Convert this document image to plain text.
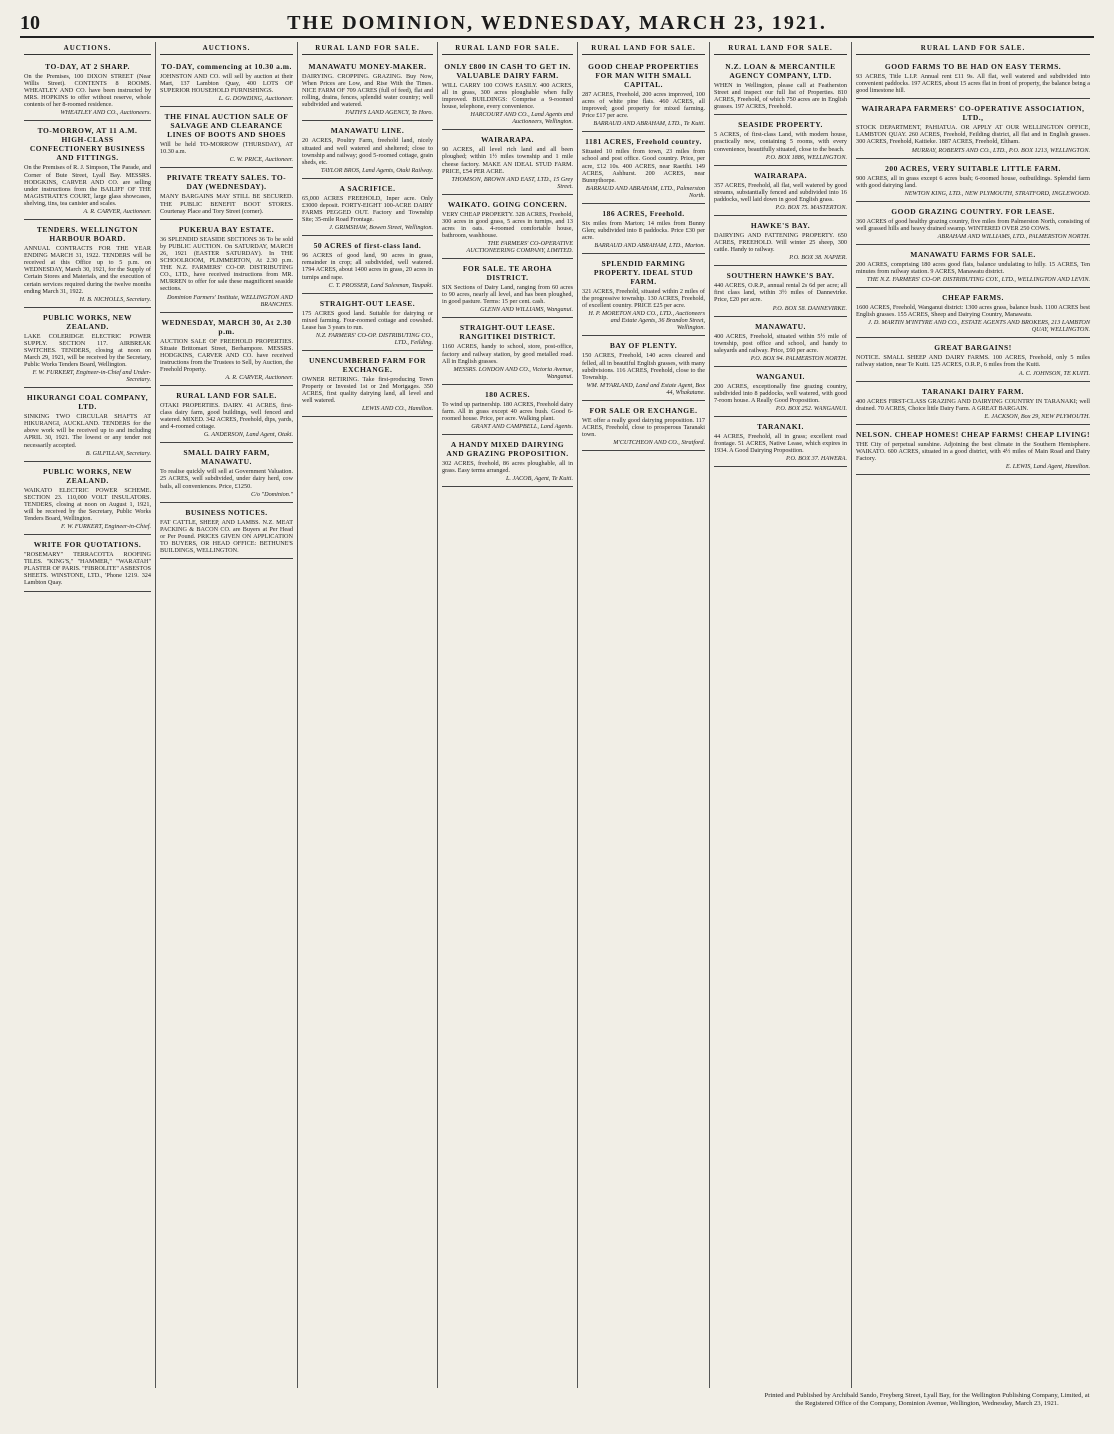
10	THE DOMINION, WEDNESDAY, MARCH 23, 1921.
AUCTIONS.
TO-DAY, AT 2 SHARP.
On the Premises, 100 DIXON STREET (Near Willis Street). CONTENTS 8 ROOMS. WHEATLEY AND CO. have been instructed by MRS. HOPKINS to offer without reserve, whole contents of her 8-roomed residence.
WHEATLEY AND CO., Auctioneers.
TO-MORROW, AT 11 A.M. HIGH-CLASS CONFECTIONERY BUSINESS AND FITTINGS.
On the Premises of R. J. Simpson, The Parade, and Corner of Bute Street, Lyall Bay. MESSRS. HODGKINS, CARVER AND CO. are selling under instructions from the BAILIFF OF THE MAGISTRATE'S COURT, large glass showcases, shelving, tins, tea canister and scales.
A. R. CARVER, Auctioneer.
TENDERS. WELLINGTON HARBOUR BOARD.
ANNUAL CONTRACTS FOR THE YEAR ENDING MARCH 31, 1922. TENDERS will be received at this Office up to 5 p.m. on WEDNESDAY, March 30, 1921, for the Supply of Certain Stores and Materials, and the execution of certain services required during the twelve months ending March 31, 1922.
H. B. NICHOLLS, Secretary.
PUBLIC WORKS, NEW ZEALAND.
LAKE COLERIDGE ELECTRIC POWER SUPPLY. SECTION 117. AIRBREAK SWITCHES. TENDERS, closing at noon on March 29, 1921, will be received by the Secretary, Public Works Tenders Board, Wellington.
F. W. FURKERT, Engineer-in-Chief and Under-Secretary.
HIKURANGI COAL COMPANY, LTD.
SINKING TWO CIRCULAR SHAFTS AT HIKURANGI, AUCKLAND. TENDERS for the above work will be received up to and including APRIL 30, 1921. The lowest or any tender not necessarily accepted.
B. GILFILLAN, Secretary.
PUBLIC WORKS, NEW ZEALAND.
WAIKATO ELECTRIC POWER SCHEME. SECTION 23. 110,000 VOLT INSULATORS. TENDERS, closing at noon on August 1, 1921, will be received by the Secretary, Public Works Tenders Board, Wellington.
F. W. FURKERT, Engineer-in-Chief.
WRITE FOR QUOTATIONS.
"ROSEMARY" TERRACOTTA ROOFING TILES. "KING'S," "HAMMER," "WARATAH" PLASTER OF PARIS. "FIBROLITE" ASBESTOS SHEETS. WINSTONE, LTD., 'Phone 1219. 324 Lambton Quay.
AUCTIONS.
TO-DAY, commencing at 10.30 a.m.
JOHNSTON AND CO. will sell by auction at their Mart, 137 Lambton Quay, 400 LOTS OF SUPERIOR HOUSEHOLD FURNISHINGS.
L. G. DOWDING, Auctioneer.
THE FINAL AUCTION SALE OF SALVAGE AND CLEARANCE LINES OF BOOTS AND SHOES
Will be held TO-MORROW (THURSDAY), AT 10.30 a.m.
C. W. PRICE, Auctioneer.
PRIVATE TREATY SALES. TO-DAY (WEDNESDAY).
MANY BARGAINS MAY STILL BE SECURED. THE PUBLIC BENEFIT BOOT STORES. Courtenay Place and Tory Street (corner).
PUKERUA BAY ESTATE.
36 SPLENDID SEASIDE SECTIONS 36 To be sold by PUBLIC AUCTION. On SATURDAY, MARCH 26, 1921 (EASTER SATURDAY). In THE SCHOOLROOM, PLIMMERTON, At 2.30 p.m. THE N.Z. FARMERS' CO-OP. DISTRIBUTING CO., LTD., have received instructions from MR. MURREN to offer for sale these magnificent seaside sections.
Dominion Farmers' Institute, WELLINGTON AND BRANCHES.
WEDNESDAY, MARCH 30, At 2.30 p.m.
AUCTION SALE OF FREEHOLD PROPERTIES. Situate Brittomart Street, Berhampore. MESSRS. HODGKINS, CARVER AND CO. have received instructions from the Trustees to Sell, by Auction, the Freehold Property.
A. R. CARVER, Auctioneer.
RURAL LAND FOR SALE.
OTAKI PROPERTIES. DAIRY. 41 ACRES, first-class dairy farm, good buildings, well fenced and watered. MIXED. 342 ACRES, Freehold, dips, yards, and 4-roomed cottage.
G. ANDERSON, Land Agent, Otaki.
SMALL DAIRY FARM, MANAWATU.
To realise quickly will sell at Government Valuation. 25 ACRES, well subdivided, under dairy herd, cow bails, all conveniences. Price, £1250.
C/o "Dominion."
BUSINESS NOTICES.
FAT CATTLE, SHEEP, AND LAMBS. N.Z. MEAT PACKING & BACON CO. are Buyers at Per Head or Per Pound. PRICES GIVEN ON APPLICATION TO BUYERS, OR HEAD OFFICE: BETHUNE'S BUILDINGS, WELLINGTON.
RURAL LAND FOR SALE.
MANAWATU MONEY-MAKER.
DAIRYING. CROPPING. GRAZING. Buy Now, When Prices are Low, and Rise With the Times. NICE FARM OF 709 ACRES (full of feed), flat and rolling, drains, fences, splendid water country; well subdivided and watered.
FAITH'S LAND AGENCY, Te Horo.
MANAWATU LINE.
20 ACRES, Poultry Farm, freehold land, nicely situated and well watered and sheltered; close to township and railway; good 5-roomed cottage, grain sheds, etc.
TAYLOR BROS, Land Agents, Otaki Railway.
A SACRIFICE.
65,000 ACRES FREEHOLD, Inper acre. Only £3000 deposit. FORTY-EIGHT 100-ACRE DAIRY FARMS PEGGED OUT. Factory and Township Site; 35-mile Road Frontage.
J. GRIMSHAW, Bowen Street, Wellington.
50 ACRES of first-class land.
96 ACRES of good land, 90 acres in grass, remainder in crop; all subdivided, well watered. 1794 ACRES, about 1400 acres in grass, 20 acres in turnips and rape.
C. T. PROSSER, Land Salesman, Taupaki.
STRAIGHT-OUT LEASE.
175 ACRES good land. Suitable for dairying or mixed farming. Four-roomed cottage and cowshed. Lease has 3 years to run.
N.Z. FARMERS' CO-OP. DISTRIBUTING CO., LTD., Feilding.
UNENCUMBERED FARM FOR EXCHANGE.
OWNER RETIRING. Take first-producing Town Property or Invested 1st or 2nd Mortgages. 350 ACRES, first quality dairying land, all level and well watered.
LEWIS AND CO., Hamilton.
RURAL LAND FOR SALE.
ONLY £800 IN CASH TO GET IN. VALUABLE DAIRY FARM.
WILL CARRY 100 COWS EASILY. 400 ACRES, all in grass, 300 acres ploughable when fully improved. BUILDINGS: Comprise a 9-roomed house, telephone, every convenience.
HARCOURT AND CO., Land Agents and Auctioneers, Wellington.
WAIRARAPA.
90 ACRES, all level rich land and all been ploughed; within 1½ miles township and 1 mile cheese factory. MAKE AN IDEAL STUD FARM. PRICE, £54 PER ACRE.
THOMSON, BROWN AND EAST, LTD., 15 Grey Street.
WAIKATO. GOING CONCERN.
VERY CHEAP PROPERTY. 328 ACRES, Freehold, 300 acres in good grass, 5 acres in turnips, and 13 acres in oats. 4-roomed comfortable house, bathroom, washhouse.
THE FARMERS' CO-OPERATIVE AUCTIONEERING COMPANY, LIMITED.
FOR SALE. TE AROHA DISTRICT.
SIX Sections of Dairy Land, ranging from 60 acres to 90 acres, nearly all level, and has been ploughed, in good pasture. Terms: 15 per cent. cash.
GLENN AND WILLIAMS, Wanganui.
STRAIGHT-OUT LEASE. RANGITIKEI DISTRICT.
1160 ACRES, handy to school, store, post-office, factory and railway station, by good metalled road. All in English grasses.
MESSRS. LONDON AND CO., Victoria Avenue, Wanganui.
180 ACRES.
To wind up partnership. 180 ACRES, Freehold dairy farm. All in grass except 40 acres bush. Good 6-roomed house. Price, per acre. Walking plant.
GRANT AND CAMPBELL, Land Agents.
A HANDY MIXED DAIRYING AND GRAZING PROPOSITION.
302 ACRES, freehold, 86 acres ploughable, all in grass. Easy terms arranged.
L. JACOB, Agent, Te Kuiti.
RURAL LAND FOR SALE.
GOOD CHEAP PROPERTIES FOR MAN WITH SMALL CAPITAL.
287 ACRES, Freehold, 200 acres improved, 100 acres of white pine flats. 460 ACRES, all improved; good property for mixed farming. Price £17 per acre.
BARRAUD AND ABRAHAM, LTD., Te Kuiti.
1181 ACRES, Freehold country.
Situated 10 miles from town, 23 miles from school and post office. Good country. Price, per acre, £12 10s. 400 ACRES, near Raetihi. 149 ACRES, Ashhurst. 200 ACRES, near Bunnythorpe.
BARRAUD AND ABRAHAM, LTD., Palmerston North.
186 ACRES, Freehold.
Six miles from Marton; 14 miles from Bunny Glen; subdivided into 8 paddocks. Price £30 per acre.
BARRAUD AND ABRAHAM, LTD., Marton.
SPLENDID FARMING PROPERTY. IDEAL STUD FARM.
321 ACRES, Freehold, situated within 2 miles of the progressive township. 130 ACRES, Freehold, of excellent country. PRICE £25 per acre.
H. P. MORETON AND CO., LTD., Auctioneers and Estate Agents, 36 Brandon Street, Wellington.
BAY OF PLENTY.
150 ACRES, Freehold, 140 acres cleared and felled, all in beautiful English grasses, with many subdivisions. 116 ACRES, Freehold, close to the Township.
WM. M'FARLAND, Land and Estate Agent, Box 44, Whakatane.
FOR SALE OR EXCHANGE.
WE offer a really good dairying proposition. 117 ACRES, Freehold, close to prosperous Taranaki town.
M'CUTCHEON AND CO., Stratford.
RURAL LAND FOR SALE.
N.Z. LOAN & MERCANTILE AGENCY COMPANY, LTD.
WHEN in Wellington, please call at Featherston Street and inspect our full list of Properties. 810 ACRES, Freehold, of which 750 acres are in English grasses. 197 ACRES, Freehold.
SEASIDE PROPERTY.
5 ACRES, of first-class Land, with modern house, practically new, containing 5 rooms, with every convenience, beautifully situated, close to the beach.
P.O. BOX 1886, WELLINGTON.
WAIRARAPA.
357 ACRES, Freehold, all flat, well watered by good streams, substantially fenced and subdivided into 16 paddocks, well laid down in good English grass.
P.O. BOX 75. MASTERTON.
HAWKE'S BAY.
DAIRYING AND FATTENING PROPERTY. 650 ACRES, FREEHOLD. Will winter 25 sheep, 300 cattle. Handy to railway.
P.O. BOX 38. NAPIER.
SOUTHERN HAWKE'S BAY.
440 ACRES, O.R.P., annual rental 2s 6d per acre; all first class land, within 3½ miles of Dannevirke. Price, £20 per acre.
P.O. BOX 58. DANNEVIRKE.
MANAWATU.
400 ACRES, Freehold, situated within 5½ mile of township, post office and school, and handy to saleyards and railway. Price, £60 per acre.
P.O. BOX 94. PALMERSTON NORTH.
WANGANUI.
200 ACRES, exceptionally fine grazing country, subdivided into 8 paddocks, well watered, with good 7-room house. A Really Good Proposition.
P.O. BOX 252. WANGANUI.
TARANAKI.
44 ACRES, Freehold, all in grass; excellent road frontage. 51 ACRES, Native Lease, which expires in 1934. A Good Dairying Proposition.
P.O. BOX 37. HAWERA.
RURAL LAND FOR SALE.
GOOD FARMS TO BE HAD ON EASY TERMS.
93 ACRES, Title L.I.P. Annual rent £11 9s. All flat, well watered and subdivided into convenient paddocks. 197 ACRES, about 15 acres flat in front of property, the balance being a good limestone hill.
WAIRARAPA FARMERS' CO-OPERATIVE ASSOCIATION, LTD.,
STOCK DEPARTMENT, PAHIATUA. OR APPLY AT OUR WELLINGTON OFFICE, LAMBTON QUAY. 260 ACRES, Freehold, Feilding district, all flat and in English grasses. 300 ACRES, Freehold, Kaitieke. 1887 ACRES, Freehold, Eltham.
MURRAY, ROBERTS AND CO., LTD., P.O. BOX 1213, WELLINGTON.
200 ACRES, VERY SUITABLE LITTLE FARM.
900 ACRES, all in grass except 6 acres bush; 6-roomed house, outbuildings. Splendid farm with good dairying land.
NEWTON KING, LTD., NEW PLYMOUTH, STRATFORD, INGLEWOOD.
GOOD GRAZING COUNTRY. FOR LEASE.
360 ACRES of good healthy grazing country, five miles from Palmerston North, consisting of well grassed hills and heavy drained swamp. WINTERED OVER 250 COWS.
ABRAHAM AND WILLIAMS, LTD., PALMERSTON NORTH.
MANAWATU FARMS FOR SALE.
200 ACRES, comprising 180 acres good flats, balance undulating to hilly. 15 ACRES, Ten minutes from railway station. 9 ACRES, Manawatu district.
THE N.Z. FARMERS' CO-OP. DISTRIBUTING COY., LTD., WELLINGTON AND LEVIN.
CHEAP FARMS.
1600 ACRES, Freehold, Wanganui district: 1300 acres grass, balance bush. 1100 ACRES best English grasses. 155 ACRES, Sheep and Dairying Country, Manawatu.
J. D. MARTIN M'INTYRE AND CO., ESTATE AGENTS AND BROKERS, 213 LAMBTON QUAY, WELLINGTON.
GREAT BARGAINS!
NOTICE. SMALL SHEEP AND DAIRY FARMS. 100 ACRES, Freehold, only 5 miles railway station, near Te Kuiti. 125 ACRES, O.R.P., 6 miles from the Kuiti.
A. C. JOHNSON, TE KUITI.
TARANAKI DAIRY FARM.
400 ACRES FIRST-CLASS GRAZING AND DAIRYING COUNTRY IN TARANAKI; well drained. 70 ACRES, Choice little Dairy Farm. A GREAT BARGAIN.
E. JACKSON, Box 29, NEW PLYMOUTH.
NELSON. CHEAP HOMES! CHEAP FARMS! CHEAP LIVING!
THE City of perpetual sunshine. Adjoining the best climate in the Southern Hemisphere. WAIKATO. 600 ACRES, situated in a good district, with 4½ miles of Main Road and Dairy Factory.
E. LEWIS, Land Agent, Hamilton.
Printed and Published by Archibald Sando, Freyberg Street, Lyall Bay, for the Wellington Publishing Company, Limited, at the Registered Office of the Company, Dominion Avenue, Wellington, Wednesday, March 23, 1921.
